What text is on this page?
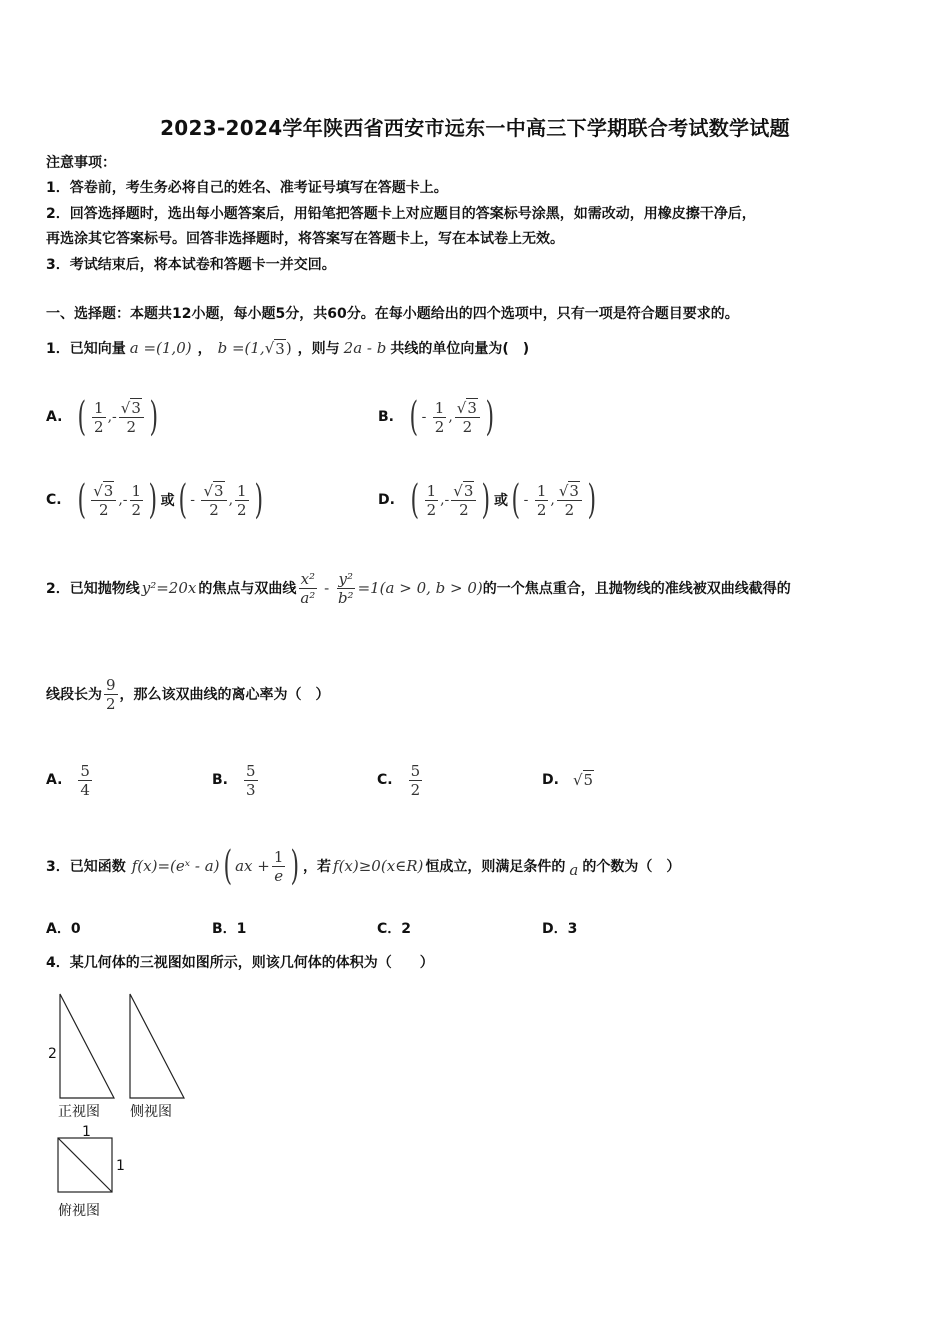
2023-2024学年陕西省西安市远东一中高三下学期联合考试数学试题
注意事项：
1．答卷前，考生务必将自己的姓名、准考证号填写在答题卡上。
2．回答选择题时，选出每小题答案后，用铅笔把答题卡上对应题目的答案标号涂黑，如需改动，用橡皮擦干净后，
再选涂其它答案标号。回答非选择题时，将答案写在答题卡上，写在本试卷上无效。
3．考试结束后，将本试卷和答题卡一并交回。
一、选择题：本题共12小题，每小题5分，共60分。在每小题给出的四个选项中，只有一项是符合题目要求的。
1．已知向量 a =(1,0) ， b =(1, √ 3 ) ，则与 2a - b 共线的单位向量为(　)
A. ( $\frac{1}{2}$ ,- $\frac{√3}{2}$ )	B. ( - $\frac{1}{2}$ , $\frac{√3}{2}$ )
C. ( $\frac{√3}{2}$ ,- $\frac{1}{2}$ ) 或 ( - $\frac{√3}{2}$ , $\frac{1}{2}$ )	D. ( $\frac{1}{2}$ ,- $\frac{√3}{2}$ ) 或 ( - $\frac{1}{2}$ , $\frac{√3}{2}$ )
2．已知抛物线 y²=20x 的焦点与双曲线 $\frac{\text{x²}}{\text{a²}} - \frac{\text{y²}}{\text{b²}} =1(a > 0$, b > 0) 的一个焦点重合，且抛物线的准线被双曲线截得的
线段长为 $\frac{9}{2}$ ，那么该双曲线的离心率为（　）
A. $\frac{5}{4}$	B. $\frac{5}{3}$	C. $\frac{5}{2}$	D. √5
3．已知函数 f(x)=(eˣ - a) ( ax + $\frac{1}{e}$ ) ，若 f(x)≥0(x∈R) 恒成立，则满足条件的 a 的个数为（　）
A．0	B．1	C．2	D．3
4．某几何体的三视图如图所示，则该几何体的体积为（　　）
2
正视图 侧视图
1
1
俯视图
